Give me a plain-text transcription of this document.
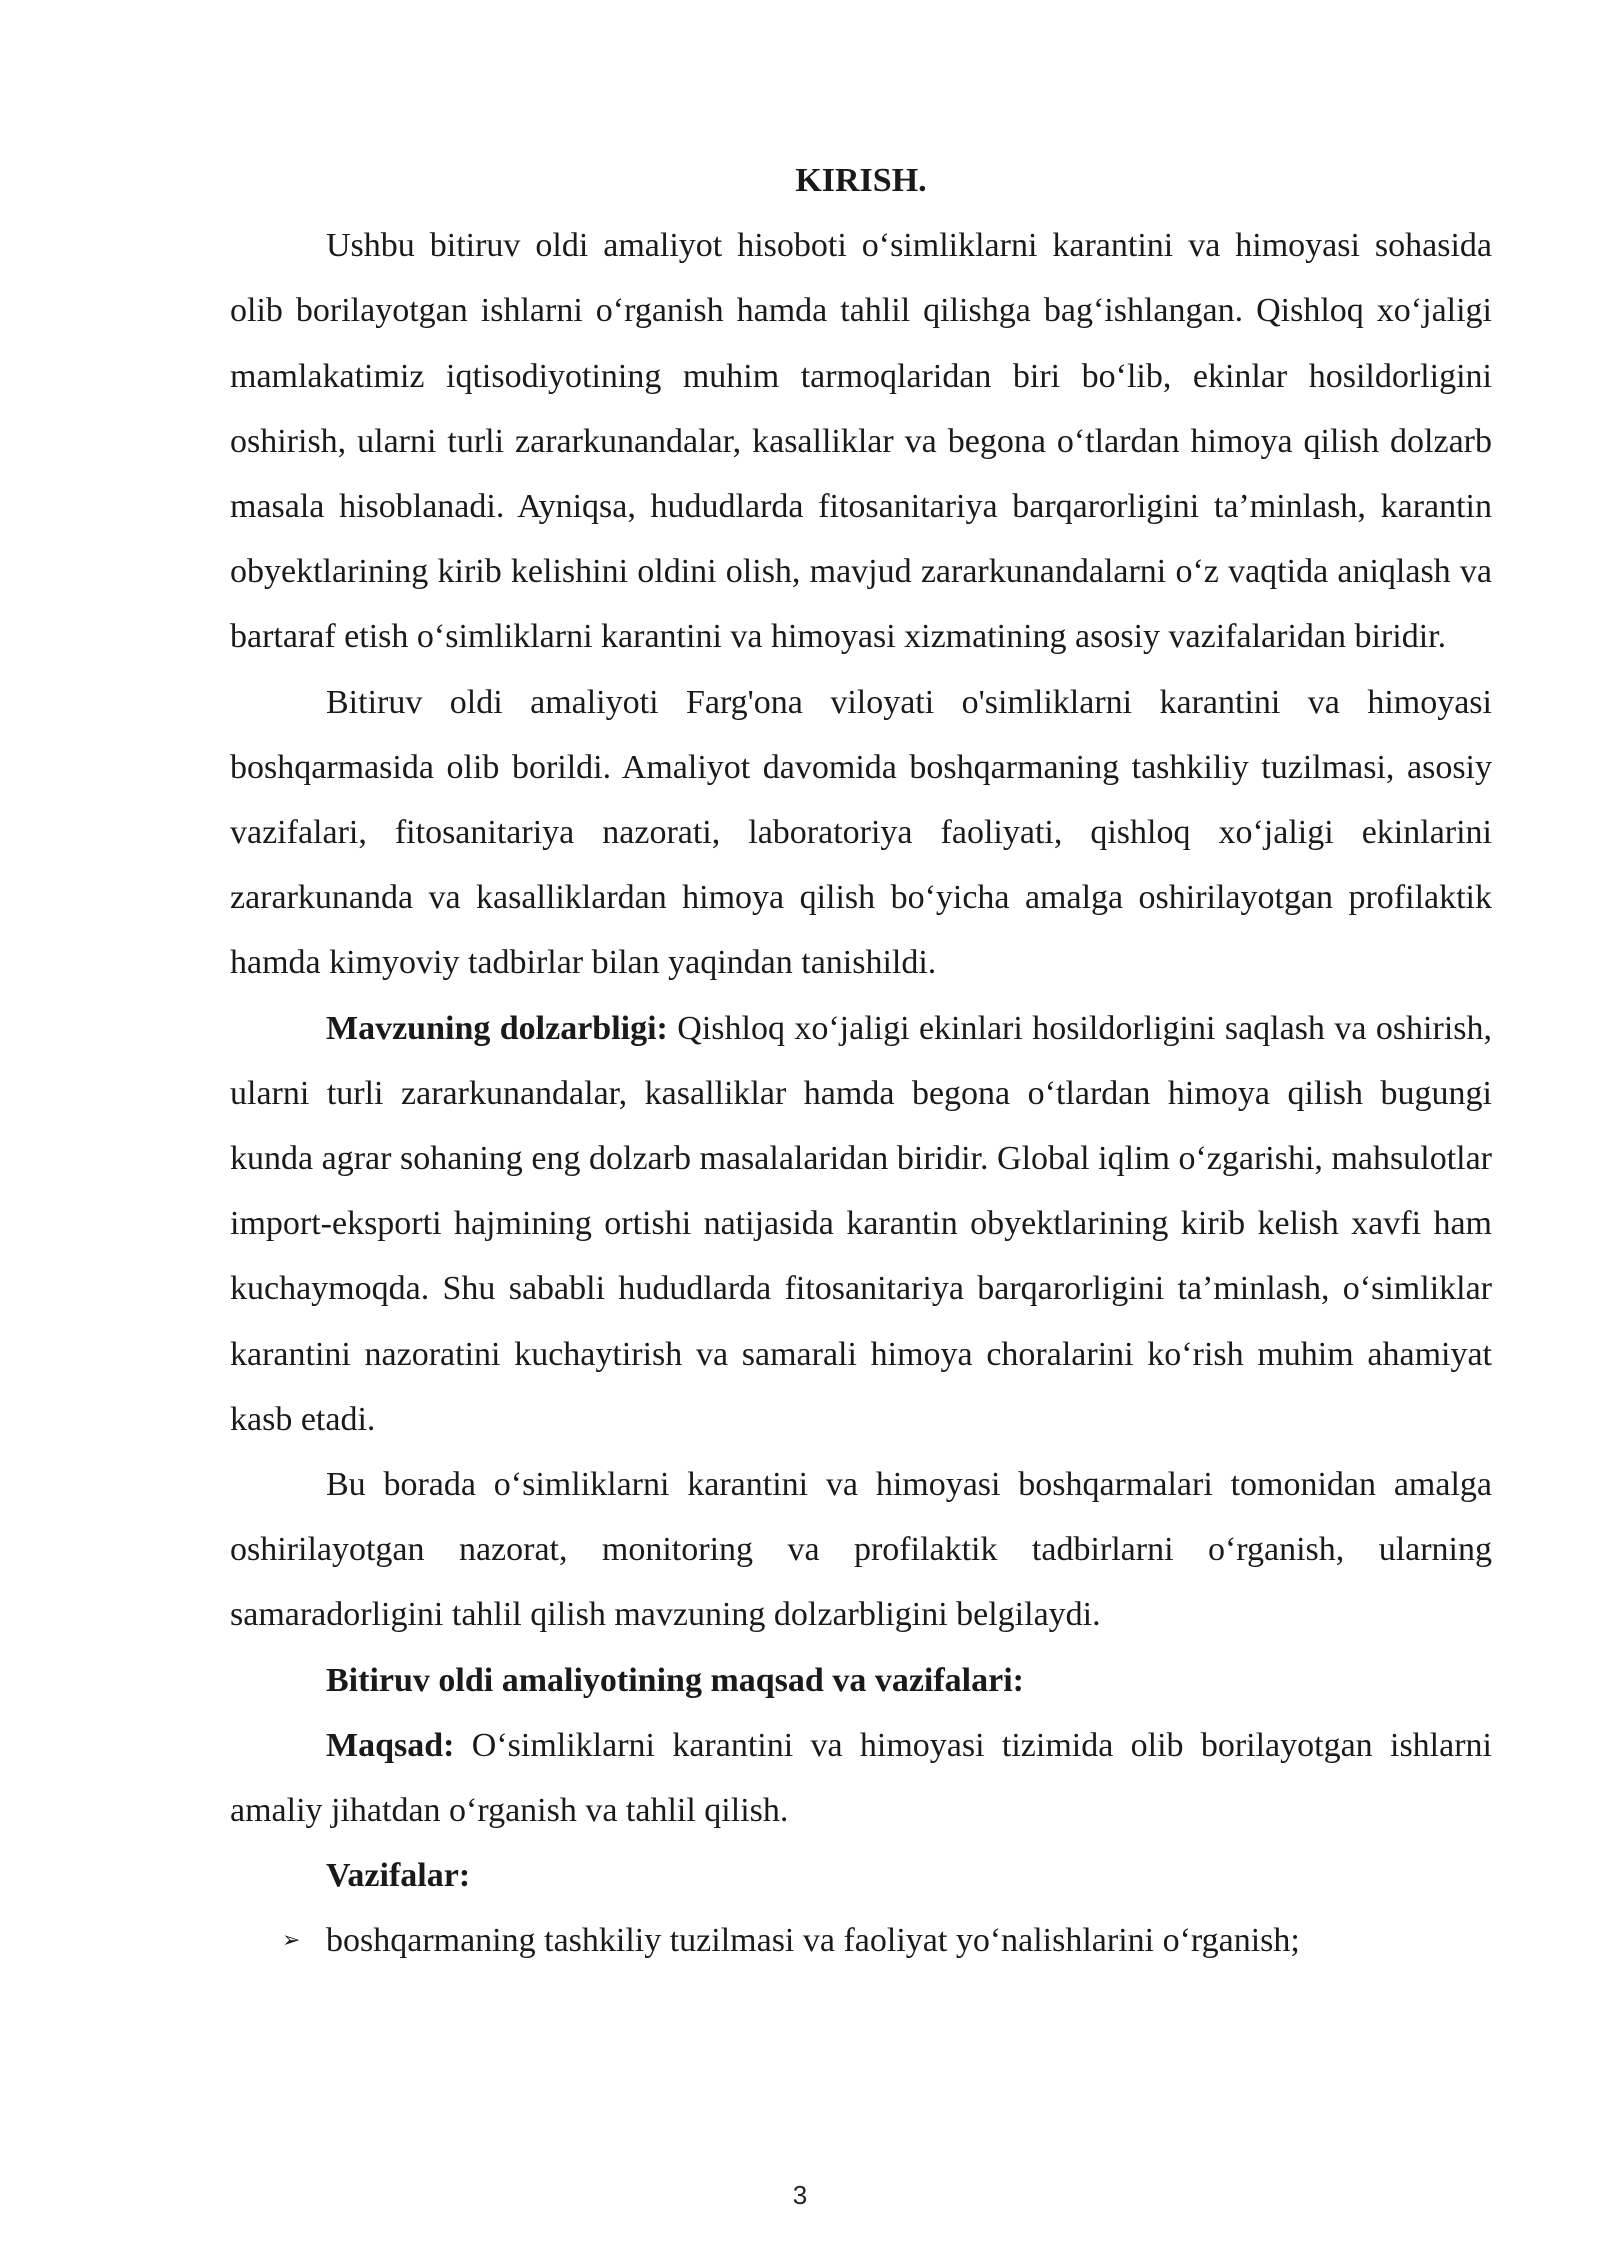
KIRISH.

Ushbu bitiruv oldi amaliyot hisoboti oʻsimliklarni karantini va himoyasi sohasida olib borilayotgan ishlarni oʻrganish hamda tahlil qilishga bagʻishlangan. Qishloq xoʻjaligi mamlakatimiz iqtisodiyotining muhim tarmoqlaridan biri boʻlib, ekinlar hosildorligini oshirish, ularni turli zararkunandalar, kasalliklar va begona oʻtlardan himoya qilish dolzarb masala hisoblanadi. Ayniqsa, hududlarda fitosanitariya barqarorligini ta’minlash, karantin obyektlarining kirib kelishini oldini olish, mavjud zararkunandalarni oʻz vaqtida aniqlash va bartaraf etish oʻsimliklarni karantini va himoyasi xizmatining asosiy vazifalaridan biridir.

Bitiruv oldi amaliyoti Farg'ona viloyati o'simliklarni karantini va himoyasi boshqarmasida olib borildi. Amaliyot davomida boshqarmaning tashkiliy tuzilmasi, asosiy vazifalari, fitosanitariya nazorati, laboratoriya faoliyati, qishloq xoʻjaligi ekinlarini zararkunanda va kasalliklardan himoya qilish boʻyicha amalga oshirilayotgan profilaktik hamda kimyoviy tadbirlar bilan yaqindan tanishildi.

Mavzuning dolzarbligi: Qishloq xoʻjaligi ekinlari hosildorligini saqlash va oshirish, ularni turli zararkunandalar, kasalliklar hamda begona oʻtlardan himoya qilish bugungi kunda agrar sohaning eng dolzarb masalalaridan biridir. Global iqlim oʻzgarishi, mahsulotlar import-eksporti hajmining ortishi natijasida karantin obyektlarining kirib kelish xavfi ham kuchaymoqda. Shu sababli hududlarda fitosanitariya barqarorligini ta’minlash, oʻsimliklar karantini nazoratini kuchaytirish va samarali himoya choralarini koʻrish muhim ahamiyat kasb etadi.

Bu borada oʻsimliklarni karantini va himoyasi boshqarmalari tomonidan amalga oshirilayotgan nazorat, monitoring va profilaktik tadbirlarni oʻrganish, ularning samaradorligini tahlil qilish mavzuning dolzarbligini belgilaydi.

Bitiruv oldi amaliyotining maqsad va vazifalari:

Maqsad: Oʻsimliklarni karantini va himoyasi tizimida olib borilayotgan ishlarni amaliy jihatdan oʻrganish va tahlil qilish.

Vazifalar:

➢ boshqarmaning tashkiliy tuzilmasi va faoliyat yoʻnalishlarini oʻrganish;
3
